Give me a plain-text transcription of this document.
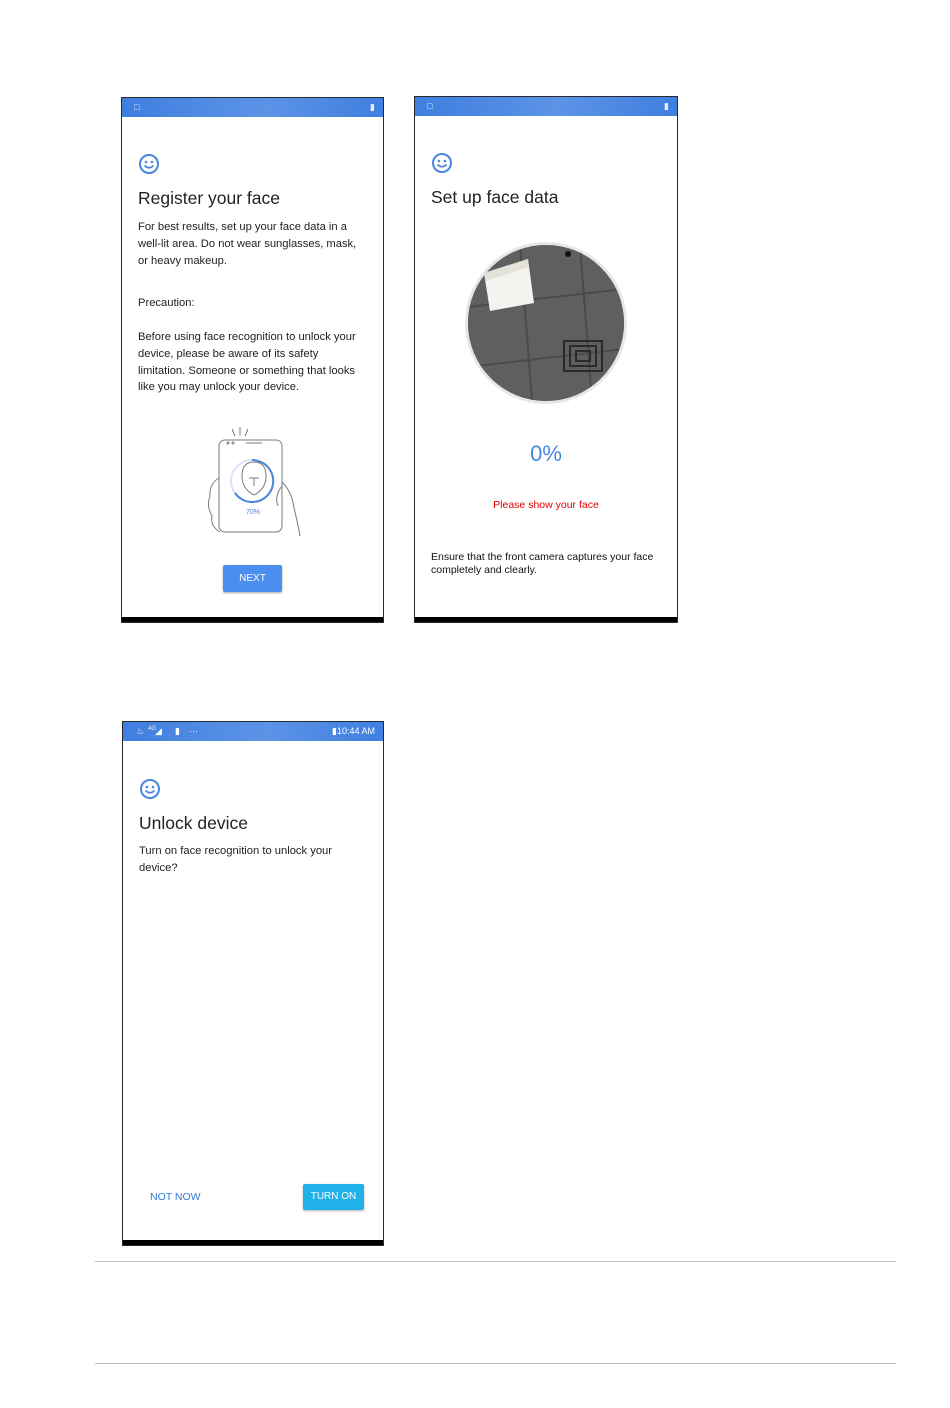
□	▮
Register your face
For best results, set up your face data in a well-lit area. Do not wear sunglasses, mask, or heavy makeup.
Precaution:
Before using face recognition to unlock your device, please be aware of its safety limitation. Someone or something that looks like you may unlock your device.
70%
NEXT
□	▮
Set up face data
0%
Please show your face
Ensure that the front camera captures your face completely and clearly.
♨ 4G
◢ ▮ ···	▮ 10:44 AM
Unlock device
Turn on face recognition to unlock your device?
NOT NOW	TURN ON
